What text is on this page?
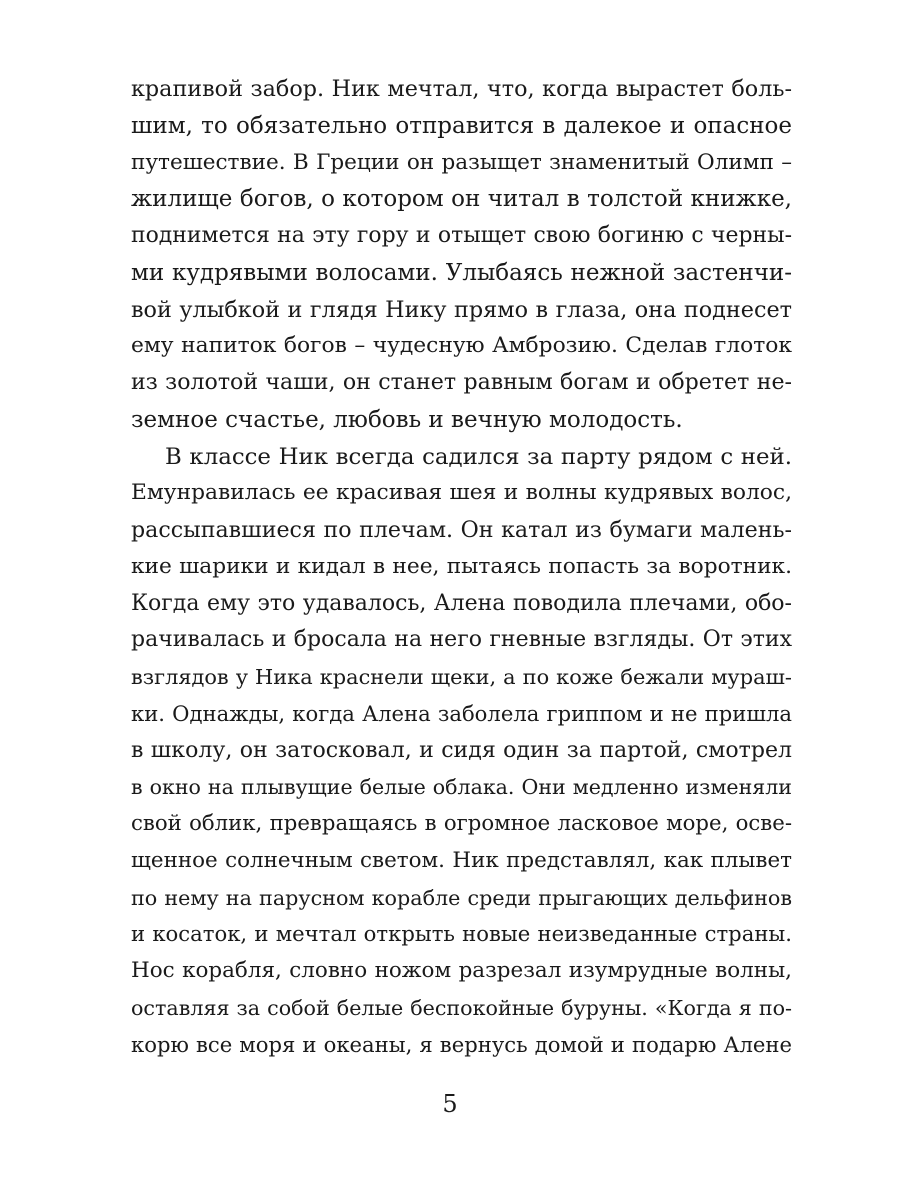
крапивой забор. Ник мечтал, что, когда вырастет боль-
шим, то обязательно отправится в далекое и опасное
путешествие. В Греции он разыщет знаменитый Олимп –
жилище богов, о котором он читал в толстой книжке,
поднимется на эту гору и отыщет свою богиню с черны-
ми кудрявыми волосами. Улыбаясь нежной застенчи-
вой улыбкой и глядя Нику прямо в глаза, она поднесет
ему напиток богов – чудесную Амброзию. Сделав глоток
из золотой чаши, он станет равным богам и обретет не-
земное счастье, любовь и вечную молодость.
В классе Ник всегда садился за парту рядом с ней.
Емунравилась ее красивая шея и волны кудрявых волос,
рассыпавшиеся по плечам. Он катал из бумаги малень-
кие шарики и кидал в нее, пытаясь попасть за воротник.
Когда ему это удавалось, Алена поводила плечами, обо-
рачивалась и бросала на него гневные взгляды. От этих
взглядов у Ника краснели щеки, а по коже бежали мураш-
ки. Однажды, когда Алена заболела гриппом и не пришла
в школу, он затосковал, и сидя один за партой, смотрел
в окно на плывущие белые облака. Они медленно изменяли
свой облик, превращаясь в огромное ласковое море, осве-
щенное солнечным светом. Ник представлял, как плывет
по нему на парусном корабле среди прыгающих дельфинов
и косаток, и мечтал открыть новые неизведанные страны.
Нос корабля, словно ножом разрезал изумрудные волны,
оставляя за собой белые беспокойные буруны. «Когда я по-
корю все моря и океаны, я вернусь домой и подарю Алене
5
